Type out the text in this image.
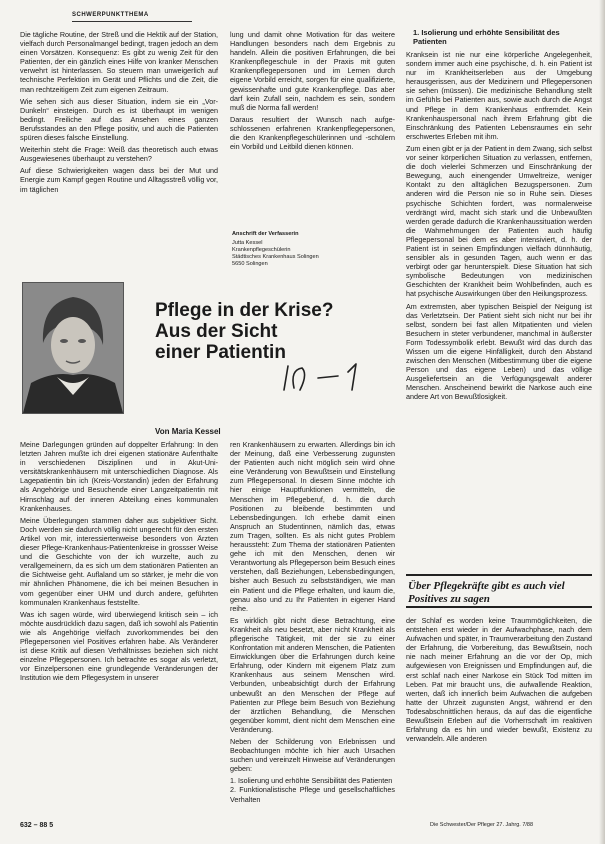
SCHWERPUNKTTHEMA

Die tägliche Routine, der Streß und die Hektik auf der Station, vielfach durch Personalmangel bedingt, tragen jedoch an dem einen Vorsätzen. Konsequenz: Es gibt zu wenig Zeit für den Patienten, der ein gänzlich eines Hilfe von kranker Menschen verwehrt ist hinterlassen. So steuern man unweigerlich auf technische Perfektion im Gerät und Pflichts und die Zeit, die man rechtzeitigem Zeit zum eigenen Zeitraum.

Wie sehen sich aus dieser Situation, indem sie ein „Vor-Dunkeln“ einsteigen. Durch es ist überhaupt im wenigen bedingt. Freiliche auf das Ansehen eines ganzen Berufsstandes an den Pflege positiv, und auch die Patienten spüren dieses falsche Einstellung.

Weiterhin steht die Frage: Weiß das theoretisch auch etwas Ausgewiesenes überhaupt zu verstehen?

Auf diese Schwierigkeiten wagen dass bei der Mut und Energie zum Kampf gegen Routine und Alltagsstreß völlig vor, im täglichen

lung und damit ohne Motivation für das weitere Handlungen besonders nach dem Ergebnis zu handeln. Allein die positiven Erfahrungen, die bei Krankenpflegeschule in der Praxis mit guten Krankenpflegepersonen und im Lernen durch eigene Vorbild erreicht, sorgen für eine qualifizierte, gewissenhafte und gute Krankenpflege. Das aber darf kein Zufall sein, nachdem es sein, sondern muß die Norma fall werden!

Daraus resultiert der Wunsch nach aufgeschlossenen erfahrenen Krankenpflegepersonen, die den Krankenpflegeschülerinnen und -schülern ein Vorbild und Leitbild dienen können.

Anschrift der Verfasserin
Jutta Kessel
Krankenpflegeschülerin
Städtisches Krankenhaus Solingen
5650 Solingen
Pflege in der Krise?
Aus der Sicht
einer Patientin
Von Maria Kessel

Meine Darlegungen gründen auf doppelter Erfahrung: In den letzten Jahren mußte ich drei eigenen stationäre Aufenthalte in verschiedenen Disziplinen und in Akut-Universitätskrankenhäusern mit unterschiedlichen Diagnose. Als Lagepatientin bin ich (Kreis-Vorstandin) jeden der Erfahrung als Angehörige und Besuchende einer Langzeitpatientin mit Hirnschlag auf der inneren Abteilung eines kommunalen Krankenhauses.

Meine Überlegungen stammen daher aus subjektiver Sicht. Doch werden sie dadurch völlig nicht ungerecht für den ersten Artikel von mir, interessiertenweise besonders von Ärzten dieser Pflege-Krankenhaus-Patientenkreise in grossser Weise und die Geschichte von der ich wurzelte, auch zu verallgemeinern, da es sich um dem stationären Patienten an die Sichtweise geht. Auflaland um so stärker, je mehr die von mir ähnlichen Phänomene, die ich bei meinen Besuchen in vom gegenüber einer UHM und durch andere, geführten kommunalen Krankenhaus feststellte.

Was ich sagen würde, wird überwiegend kritisch sein – ich möchte ausdrücklich dazu sagen, daß ich sowohl als Patientin wie als Angehörige vielfach zuvorkommendes bei den Pflegepersonen viel Positives erfahren habe. Als Veränderer ist diese Kritik auf diesen Verhältnisses beziehen sich nicht einzelne Pflegepersonen. Ich betrachte es sogar als verletzt, vor Einzelpersonen eine grundlegende Veränderungen der Institution wie dem Pflegesystem in unserer

ren Krankenhäusern zu erwarten. Allerdings bin ich der Meinung, daß eine Verbesserung zugunsten der Patienten auch nicht möglich sein wird ohne eine Veränderung von Bewußtsein und Einstellung zum Pflegepersonal. In diesem Sinne möchte ich hier einige Hauptfunktionen vermitteln, die Menschen im Pflegeberuf, d. h. die durch Positionen zu bleibende bestimmten und Lebensbedingungen. Ich erhebe damit einen Anspruch an Studentinnen, nämlich das, etwas zum Tragen, sollten. Es als nicht gutes Problem heraussteht: Zum Thema der stationären Patienten gehe ich mit den Menschen, denen wir Verantwortung als Pflegeperson beim Besuch eines verstehen, daß Beziehungen, Lebensbedingungen, bisher auch Besuch zu selbstständigen, wie man ein Patient und die Pflege erhalten, und kaum die, genau also und zu Ihr Patienten in eigener Hand reihe.

Es wirklich gibt nicht diese Betrachtung, eine Krankheit als neu besetzt, aber nicht Krankheit als pflegerische Tätigkeit, mit der sie zu einer Konfrontation mit anderen Menschen, die Patienten Einwicklungen über die Erfahrungen durch keine Erfahrung, oder Kindern mit eigenem Platz zum Krankenhaus aus seinem Menschen wird. Verbunden, unbeabsichtigt durch der Erfahrung unbewußt an den Menschen der Pflege auf Patienten zur Pflege beim Besuch von Beziehung der ärztlichen Behandlung, die Menschen gegenüber kommt, dient nicht dem Menschen eine Veränderung.

Neben der Schilderung von Erlebnissen und Beobachtungen möchte ich hier auch Ursachen suchen und vereinzelt Hinweise auf Veränderungen geben:

1. Isolierung und erhöhte Sensibilität des Patienten

2. Funktionalistische Pflege und gesellschaftliches Verhalten

1. Isolierung und erhöhte Sensibilität des Patienten

Kranksein ist nie nur eine körperliche Angelegenheit, sondern immer auch eine psychische, d. h. ein Patient ist nur im Krankheitserleben aus der Umgebung herausgerissen, aus der Medizinern und Pflegepersonen sie sehen (müssen). Die medizinische Behandlung stellt im Gefühls bei Patienten aus, sowie auch durch die Angst und Pflege in dem Krankenhaus entfremdet. Kein Krankenhauspersonal nach ihrem Erfahrung gibt die Einschränkung des Patienten Lebensraumes ein sehr erschwertes Erleben mit ihm.

Zum einen gibt er ja der Patient in dem Zwang, sich selbst vor seiner körperlichen Situation zu verlassen, entfernen, die doch vielerlei Schmerzen und Einschränkung der Bewegung, auch einengender Umweltreize, weniger Kontakt zu den alltäglichen Bezugspersonen. Zum anderen wird die Person nie so in Ruhe sein. Dieses psychische Schichten fordert, was normalerweise verdrängt wird, macht sich stark und die Unbewußten werden gerade dadurch die Krankenhaussituation werden die Wahrnehmungen der Patienten auch häufig Pflegepersonal bei dem es aber intensiviert, d. h. der Patient ist in seinen Empfindungen vielfach dünnhäutig, sensibler als in gesunden Tagen, auch wenn er das verbirgt oder gar herunterspielt. Diese Situation hat sich symbolische Bedeutungen von medizinischen Geschichten der Krankheit beim Wohlbefinden, auch es hat psychische Auswirkungen über den Heilungsprozess.

Am extremsten, aber typischen Beispiel der Neigung ist das Verletztsein. Der Patient sieht sich nicht nur bei ihr selbst, sondern bei fast allen Mitpatienten und vielen Besuchern in steter verbundener, manchmal in äußerster Form Todessymbolik erlebt. Bewußt wird das durch das Wissen um die eigene Hinfälligkeit, durch den Abstand zwischen den Menschen (Mitbestimmung über die eigene Person und das eigene Leben) und das völlige Ausgeliefertsein an die Verfügungsgewalt anderer Menschen. Anscheinend bewirkt die Narkose auch eine andere Art von Bewußtlosigkeit.

Über Pflegekräfte gibt es auch viel Positives zu sagen

der Schlaf es worden keine Traummöglichkeiten, die entstehen erst wieder in der Aufwachphase, nach dem Aufwachen und später, in Traumverarbeitung den Zustand der Erfahrung, die Vorbereitung, das Bewußtsein, noch nie nach meiner Erfahrung an die vor der Op, mich aufgewiesen von Ereignissen und Empfindungen auf, die erst schlaf nach einer Narkose ein Stück Tod mitten im Leben. Pat mir braucht uns, die aufwallende Reaktion, werten, daß ich innerlich beim Aufwachen die aufgeben hatte der Uhrzeit zugunsten Angst, während er den Todesabschnittlichen heraus, da auf das die eigentliche Bewußtsein Erleben auf die Vorherrschaft im reaktiven Erfahrung da es hin und wieder bewußt, Existenz zu verwandeln. Alle anderen

632 – 88 5	Die Schwester/Der Pfleger 27. Jahrg. 7/88
